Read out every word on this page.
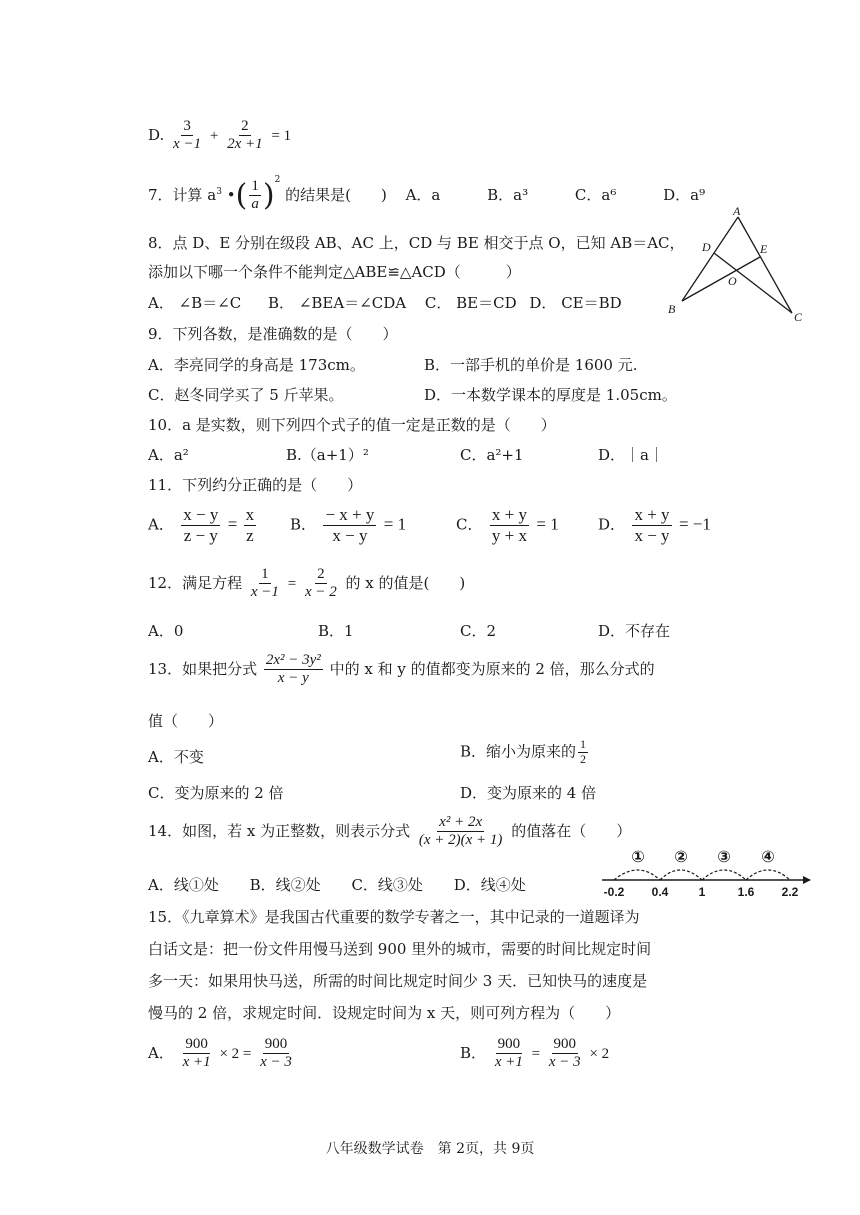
D. $\frac{3}{x -1} + \frac{2}{2x +1} = 1$
7．计算 $a^3$ •( $\frac{1}{a} )^2$ 的结果是(　　) A．a	B．a³	C．a⁶	D．a⁹
8．点 D、E 分别在级段 AB、AC 上，CD 与 BE 相交于点 O，已知 AB＝AC，
添加以下哪一个条件不能判定△ABE≌△ACD（　　　）
A． ∠B＝∠C B． ∠BEA＝∠CDA C． BE＝CD D． CE＝BD
A
B
C
D	E
O
9．下列各数，是准确数的是（　　）
A．李亮同学的身高是 173cm。	B．一部手机的单价是 1600 元.
C．赵冬同学买了 5 斤苹果。	D．一本数学课本的厚度是 1.05cm。
10．a 是实数，则下列四个式子的值一定是正数的是（　　）
A．a²	B.（a+1）²	C．a²+1	D．｜a｜
11．下列约分正确的是（　　）
A． $\frac{x - y}{z - y} = \frac{x}{z}$ B． $\frac{- x + y}{x - y} = 1$	C． $\frac{x + y}{y + x} = 1$	D． $\frac{x + y}{x - y} = -1$
12．满足方程 $\frac{1}{x -1} = \frac{2}{x - 2}$ 的 x 的值是(　　)
A．0	B．1	C．2	D．不存在
13．如果把分式 $\frac{\text{2x² − 3y²}}{x - y}$ 中的 x 和 y 的值都变为原来的 2 倍，那么分式的
值（　　）
A．不变	B．缩小为原来的 $\frac{1}{2}$
C．变为原来的 2 倍	D．变为原来的 4 倍
14．如图，若 x 为正整数，则表示分式 $\frac{\text{x² + 2x}}{(x + 2)(x + 1)}$ 的值落在（　　）
A．线①处 B．线②处 C．线③处 D．线④处
① ② ③ ④
-0.2 0.4	1	1.6 2.2
15．《九章算术》是我国古代重要的数学专著之一，其中记录的一道题译为
白话文是：把一份文件用慢马送到 900 里外的城市，需要的时间比规定时间
多一天：如果用快马送，所需的时间比规定时间少 3 天．已知快马的速度是
慢马的 2 倍，求规定时间．设规定时间为 x 天，则可列方程为（　　）
A． $\frac{900}{x +1} \times 2 = \frac{900}{x - 3}$	B． $\frac{900}{x +1} = \frac{900}{x - 3} \times 2$
八年级数学试卷　第 2页，共 9页
